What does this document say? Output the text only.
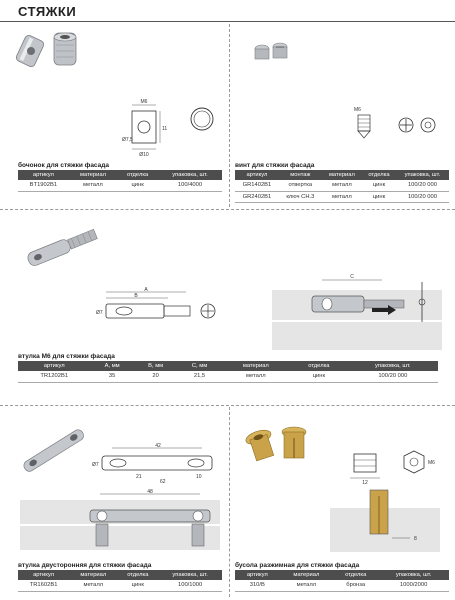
СТЯЖКИ
M6
11
Ø7,5
Ø10
бочонок для стяжки фасада
артикул	материал	отделка	упаковка, шт.
BT1902B1	металл	цинк	100/4000
M6
винт для стяжки фасада
артикул	монтаж	материал	отделка	упаковка, шт.
GR1402B1	отвертка	металл	цинк	100/20 000
GR2402B1	ключ CH.3	металл	цинк	100/20 000
A
B
Ø7
C
втулка М6 для стяжки фасада
артикул	A, мм	B, мм	C, мм	материал	отделка	упаковка, шт.
TR1202B1	35	20	21,5	металл	цинк	100/20 000
42
Ø7
21
62
10
48
втулка двусторонняя для стяжки фасада
артикул	материал	отделка	упаковка, шт.
TR1602B1	металл	цинк	100/1000
12
M6
8
бусола разжимная для стяжки фасада
артикул	материал	отделка	упаковка, шт.
310/B	металл	бронза	1000/2000
